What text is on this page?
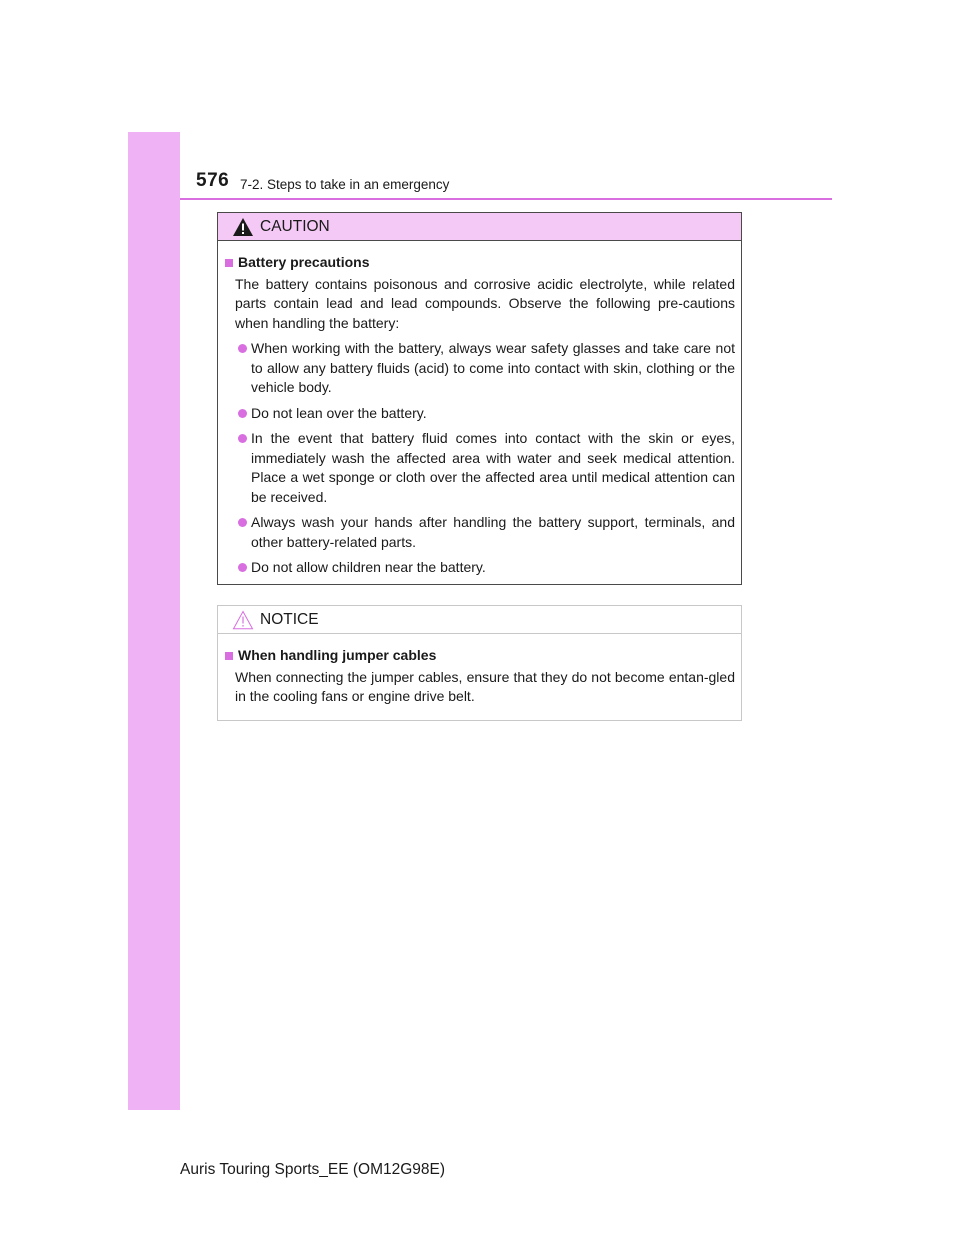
576 7-2. Steps to take in an emergency
CAUTION
Battery precautions
The battery contains poisonous and corrosive acidic electrolyte, while related parts contain lead and lead compounds. Observe the following pre-cautions when handling the battery:
When working with the battery, always wear safety glasses and take care not to allow any battery fluids (acid) to come into contact with skin, clothing or the vehicle body.
Do not lean over the battery.
In the event that battery fluid comes into contact with the skin or eyes, immediately wash the affected area with water and seek medical attention. Place a wet sponge or cloth over the affected area until medical attention can be received.
Always wash your hands after handling the battery support, terminals, and other battery-related parts.
Do not allow children near the battery.
NOTICE
When handling jumper cables
When connecting the jumper cables, ensure that they do not become entan-gled in the cooling fans or engine drive belt.
Auris Touring Sports_EE (OM12G98E)
